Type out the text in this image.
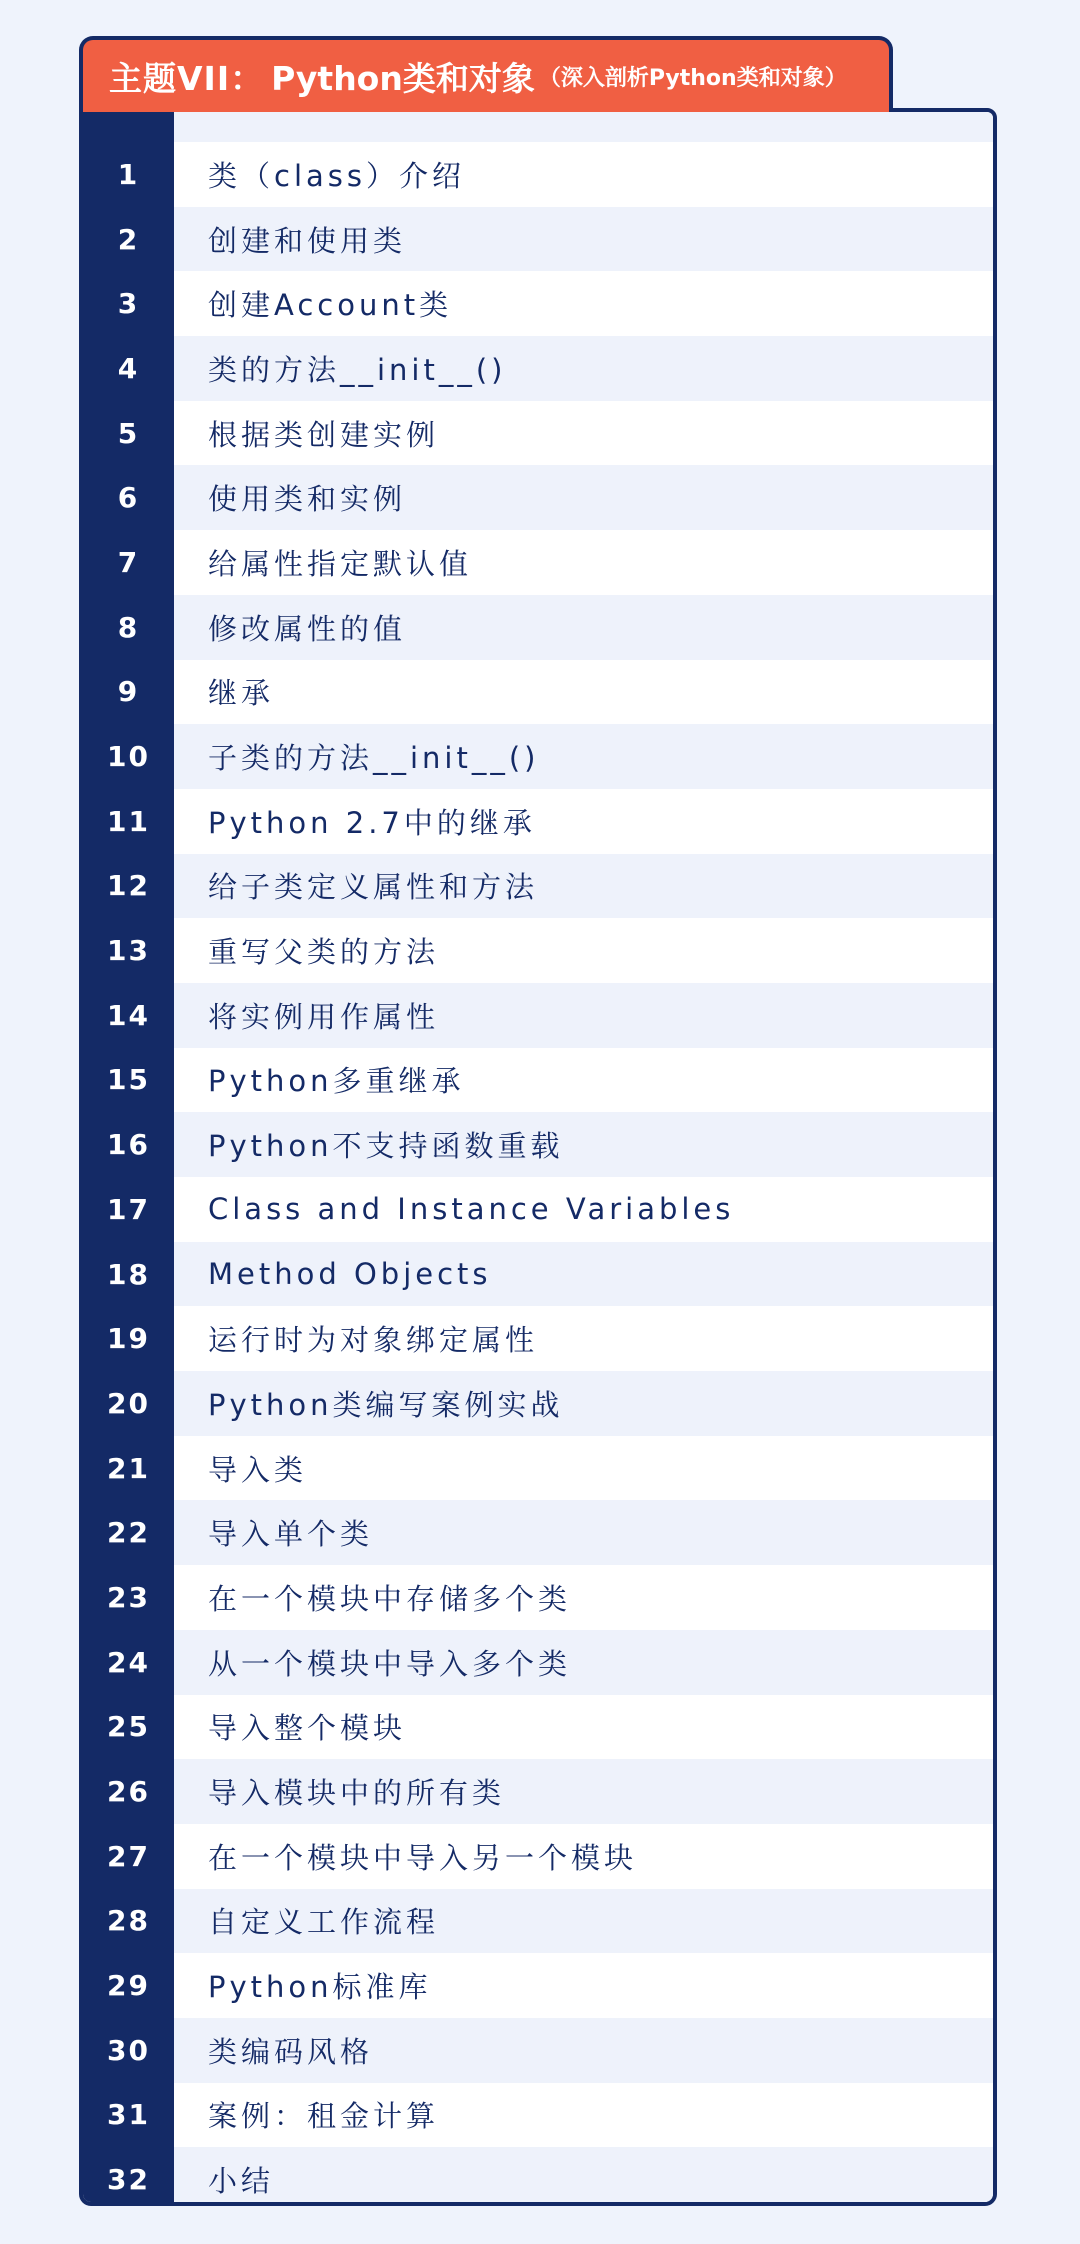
主题VII ： Python类和对象 （深入剖析Python类和对象）
类（class）介绍
1
创建和使用类
2
创建Account类
3
类的方法__init__()
4
根据类创建实例
5
使用类和实例
6
给属性指定默认值
7
修改属性的值
8
继承
9
子类的方法__init__()
10
Python 2.7中的继承
11
给子类定义属性和方法
12
重写父类的方法
13
将实例用作属性
14
Python多重继承
15
Python不支持函数重载
16
Class and Instance Variables
17
Method Objects
18
运行时为对象绑定属性
19
Python类编写案例实战
20
导入类
21
导入单个类
22
在一个模块中存储多个类
23
从一个模块中导入多个类
24
导入整个模块
25
导入模块中的所有类
26
在一个模块中导入另一个模块
27
自定义工作流程
28
Python标准库
29
类编码风格
30
案例：租金计算
31
小结
32
